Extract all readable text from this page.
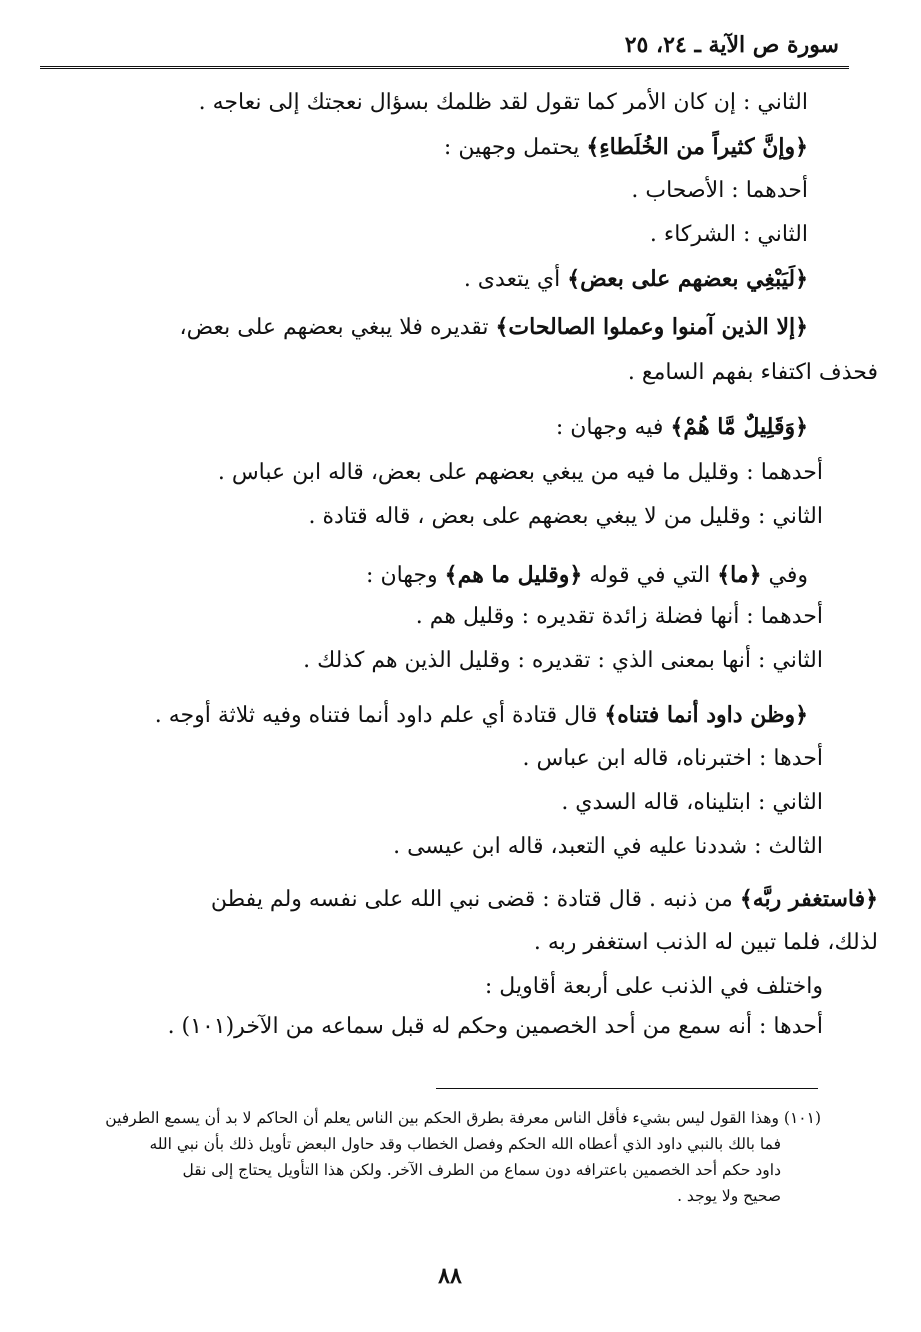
سورة ص الآية ـ ٢٤، ٢٥
الثاني : إن كان الأمر كما تقول لقد ظلمك بسؤال نعجتك إلى نعاجه .
﴿وإنَّ كثيراً من الخُلَطاءِ﴾ يحتمل وجهين :
أحدهما : الأصحاب .
الثاني : الشركاء .
﴿لَيَبْغِي بعضهم على بعض﴾ أي يتعدى .
﴿إلا الذين آمنوا وعملوا الصالحات﴾ تقديره فلا يبغي بعضهم على بعض،
فحذف اكتفاء بفهم السامع .
﴿وَقَلِيلٌ مَّا هُمْ﴾ فيه وجهان :
أحدهما : وقليل ما فيه من يبغي بعضهم على بعض، قاله ابن عباس .
الثاني : وقليل من لا يبغي بعضهم على بعض ، قاله قتادة .
وفي ﴿ما﴾ التي في قوله ﴿وقليل ما هم﴾ وجهان :
أحدهما : أنها فضلة زائدة تقديره : وقليل هم .
الثاني : أنها بمعنى الذي : تقديره : وقليل الذين هم كذلك .
﴿وظن داود أنما فتناه﴾ قال قتادة أي علم داود أنما فتناه وفيه ثلاثة أوجه .
أحدها : اختبرناه، قاله ابن عباس .
الثاني : ابتليناه، قاله السدي .
الثالث : شددنا عليه في التعبد، قاله ابن عيسى .
﴿فاستغفر ربَّه﴾ من ذنبه . قال قتادة : قضى نبي الله على نفسه ولم يفطن
لذلك، فلما تبين له الذنب استغفر ربه .
واختلف في الذنب على أربعة أقاويل :
أحدها : أنه سمع من أحد الخصمين وحكم له قبل سماعه من الآخر(١٠١) .
(١٠١) وهذا القول ليس بشيء فأقل الناس معرفة بطرق الحكم بين الناس يعلم أن الحاكم لا بد أن يسمع الطرفين
فما بالك بالنبي داود الذي أعطاه الله الحكم وفصل الخطاب وقد حاول البعض تأويل ذلك بأن نبي الله
داود حكم أحد الخصمين باعترافه دون سماع من الطرف الآخر. ولكن هذا التأويل يحتاج إلى نقل
صحيح ولا يوجد .
٨٨
